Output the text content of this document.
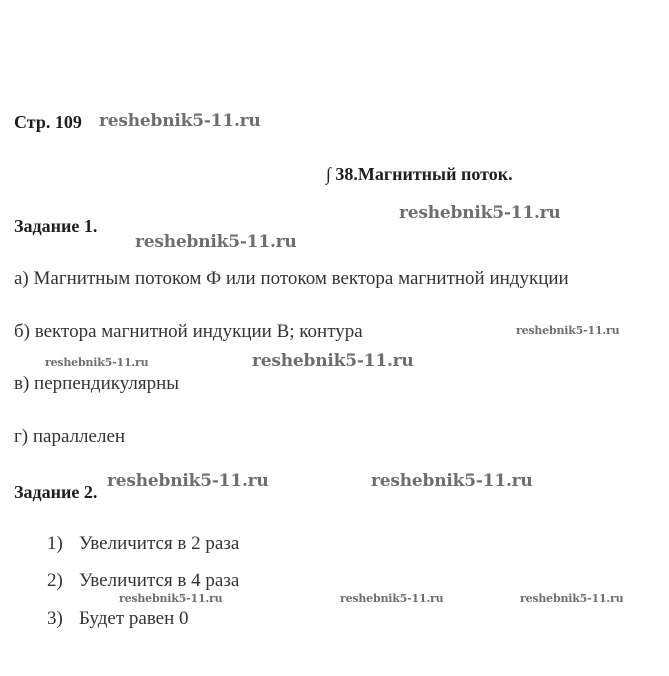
Стр. 109 reshebnik5-11.ru
∫ 38.Магнитный поток.
Задание 1.
reshebnik5-11.ru
reshebnik5-11.ru
а) Магнитным потоком Ф или потоком вектора магнитной индукции
б) вектора магнитной индукции В; контура	reshebnik5-11.ru
reshebnik5-11.ru	reshebnik5-11.ru
в) перпендикулярны
г) параллелен
Задание 2.
reshebnik5-11.ru	reshebnik5-11.ru
1) Увеличится в 2 раза
2) Увеличится в 4 раза
reshebnik5-11.ru	reshebnik5-11.ru	reshebnik5-11.ru
3) Будет равен 0
